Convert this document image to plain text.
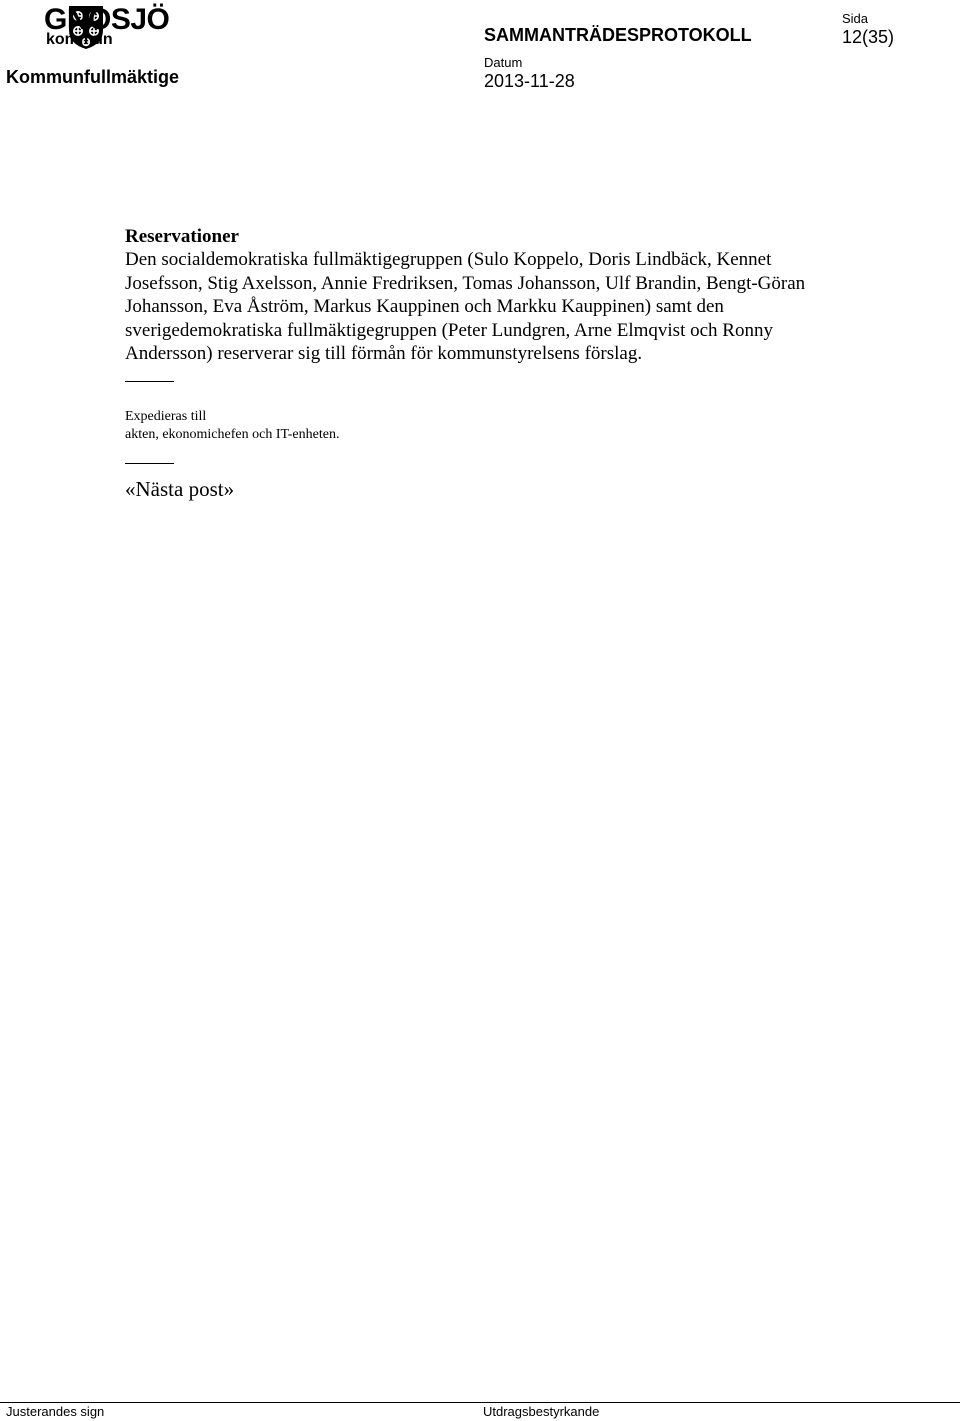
GNOSJÖ
kommun
Kommunfullmäktige
SAMMANTRÄDESPROTOKOLL
Sida
12(35)
Datum
2013-11-28
Reservationer

Den socialdemokratiska fullmäktigegruppen (Sulo Koppelo, Doris Lindbäck, Kennet Josefsson, Stig Axelsson, Annie Fredriksen, Tomas Johansson, Ulf Brandin, Bengt-Göran Johansson, Eva Åström, Markus Kauppinen och Markku Kauppinen) samt den sverigedemokratiska fullmäktigegruppen (Peter Lundgren, Arne Elmqvist och Ronny Andersson) reserverar sig till förmån för kommunstyrelsens förslag.

Expedieras till
akten, ekonomichefen och IT-enheten.
«Nästa post»
Justerandes sign	Utdragsbestyrkande
